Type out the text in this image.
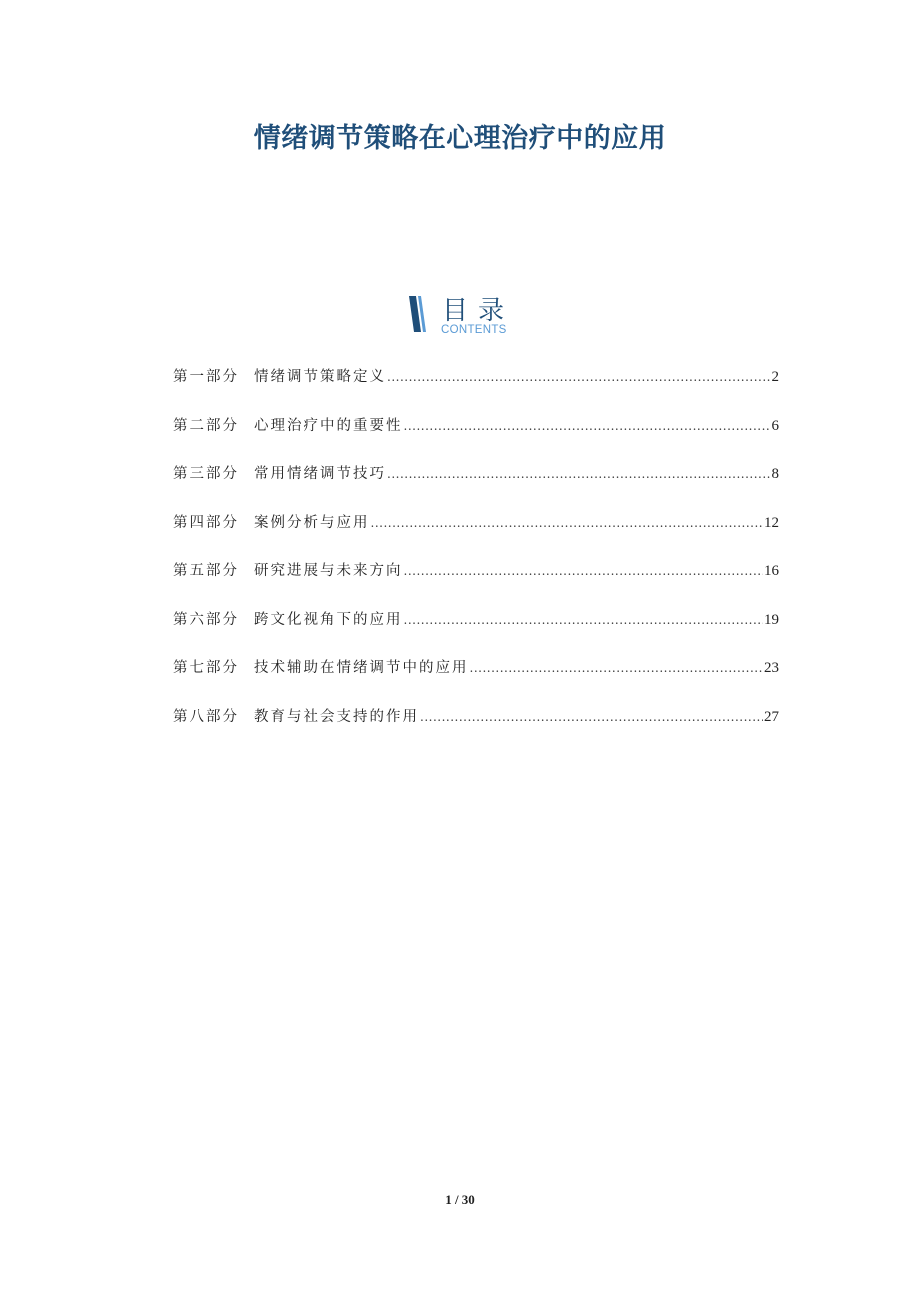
情绪调节策略在心理治疗中的应用
目录
CONTENTS
第一部分	情绪调节策略定义 .....	2
第二部分	心理治疗中的重要性 .....	6
第三部分	常用情绪调节技巧 .....	8
第四部分	案例分析与应用 .....	12
第五部分	研究进展与未来方向 .....	16
第六部分	跨文化视角下的应用 .....	19
第七部分	技术辅助在情绪调节中的应用 .....	23
第八部分	教育与社会支持的作用 .....	27
1 / 30
